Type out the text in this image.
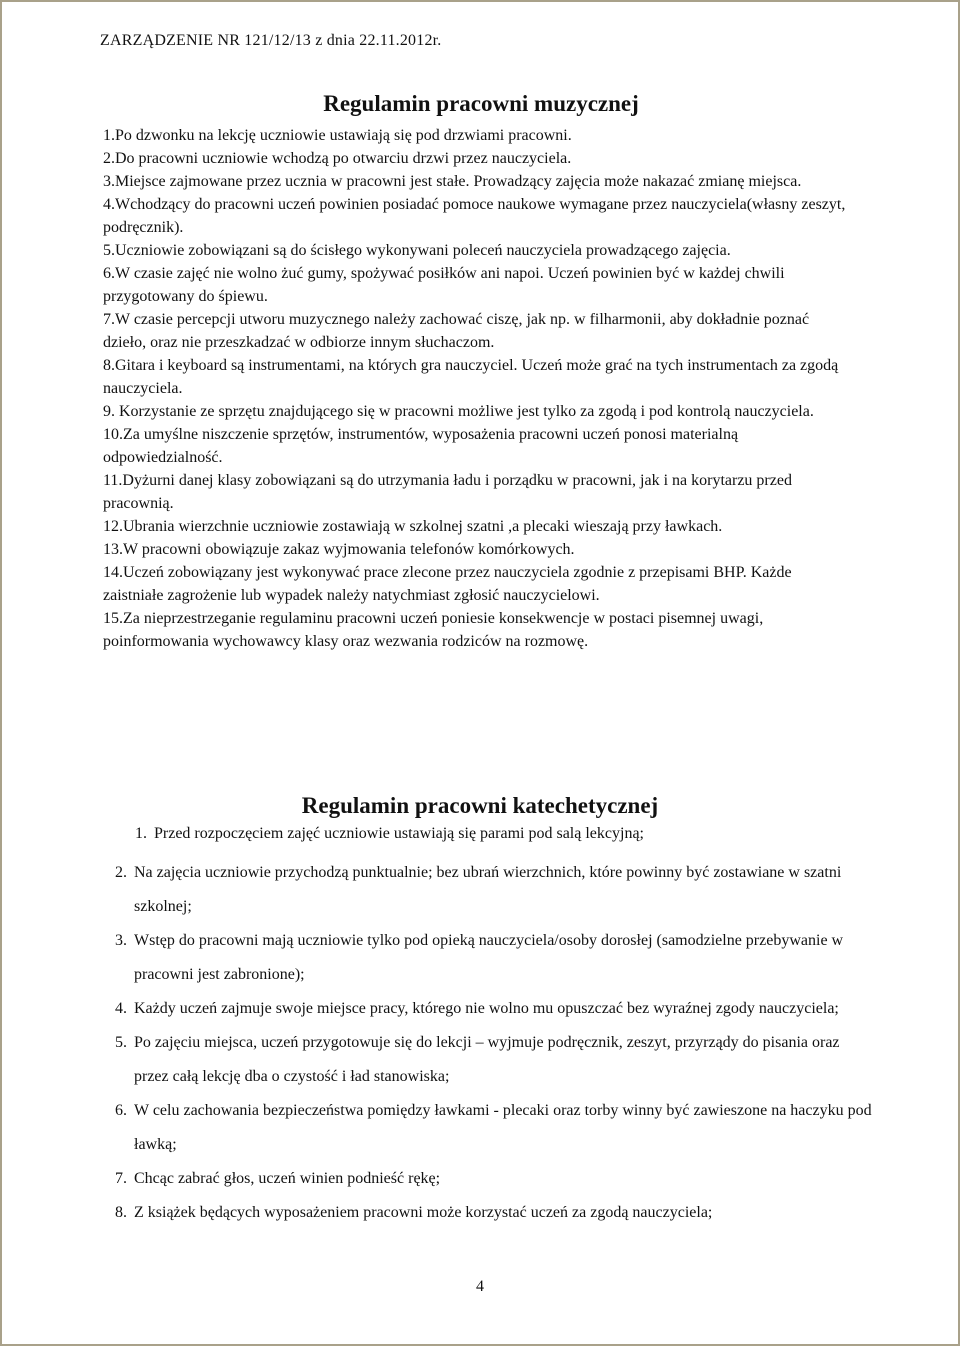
ZARZĄDZENIE NR 121/12/13 z dnia 22.11.2012r.
Regulamin pracowni muzycznej

1.Po dzwonku na lekcję uczniowie ustawiają się pod drzwiami pracowni.

2.Do pracowni uczniowie wchodzą po otwarciu drzwi przez nauczyciela.

3.Miejsce zajmowane przez ucznia w pracowni jest stałe. Prowadzący zajęcia może nakazać zmianę miejsca.

4.Wchodzący do pracowni uczeń powinien posiadać pomoce naukowe wymagane przez nauczyciela(własny zeszyt, podręcznik).

5.Uczniowie zobowiązani są do ścisłego wykonywani poleceń nauczyciela prowadzącego zajęcia.

6.W czasie zajęć nie wolno żuć gumy, spożywać posiłków ani napoi. Uczeń powinien być w każdej chwili przygotowany do śpiewu.

7.W czasie percepcji utworu muzycznego należy zachować ciszę, jak np. w filharmonii, aby dokładnie poznać dzieło, oraz nie przeszkadzać w odbiorze innym słuchaczom.

8.Gitara i keyboard są instrumentami, na których gra nauczyciel. Uczeń może grać na tych instrumentach za zgodą nauczyciela.

9. Korzystanie ze sprzętu znajdującego się w pracowni możliwe jest tylko za zgodą i pod kontrolą nauczyciela.

10.Za umyślne niszczenie sprzętów, instrumentów, wyposażenia pracowni uczeń ponosi materialną odpowiedzialność.

11.Dyżurni danej klasy zobowiązani są do utrzymania ładu i porządku w pracowni, jak i na korytarzu przed pracownią.

12.Ubrania wierzchnie uczniowie zostawiają w szkolnej szatni ,a plecaki wieszają przy ławkach.

13.W pracowni obowiązuje zakaz wyjmowania telefonów komórkowych.

14.Uczeń zobowiązany jest wykonywać prace zlecone przez nauczyciela zgodnie z przepisami BHP. Każde zaistniałe zagrożenie lub wypadek należy natychmiast zgłosić nauczycielowi.

15.Za nieprzestrzeganie regulaminu pracowni uczeń poniesie konsekwencje w postaci pisemnej uwagi, poinformowania wychowawcy klasy oraz wezwania rodziców na rozmowę.

Regulamin pracowni katechetycznej

1. Przed rozpoczęciem zajęć uczniowie ustawiają się parami pod salą lekcyjną;

2. Na zajęcia uczniowie przychodzą punktualnie; bez ubrań wierzchnich, które powinny być zostawiane w szatni szkolnej;

3. Wstęp do pracowni mają uczniowie tylko pod opieką nauczyciela/osoby dorosłej (samodzielne przebywanie w pracowni jest zabronione);

4. Każdy uczeń zajmuje swoje miejsce pracy, którego nie wolno mu opuszczać bez wyraźnej zgody nauczyciela;

5. Po zajęciu miejsca, uczeń przygotowuje się do lekcji – wyjmuje podręcznik, zeszyt, przyrządy do pisania oraz przez całą lekcję dba o czystość i ład stanowiska;

6. W celu zachowania bezpieczeństwa pomiędzy ławkami - plecaki oraz torby winny być zawieszone na haczyku pod ławką;

7. Chcąc zabrać głos, uczeń winien podnieść rękę;

8. Z książek będących wyposażeniem pracowni może korzystać uczeń za zgodą nauczyciela;

4
